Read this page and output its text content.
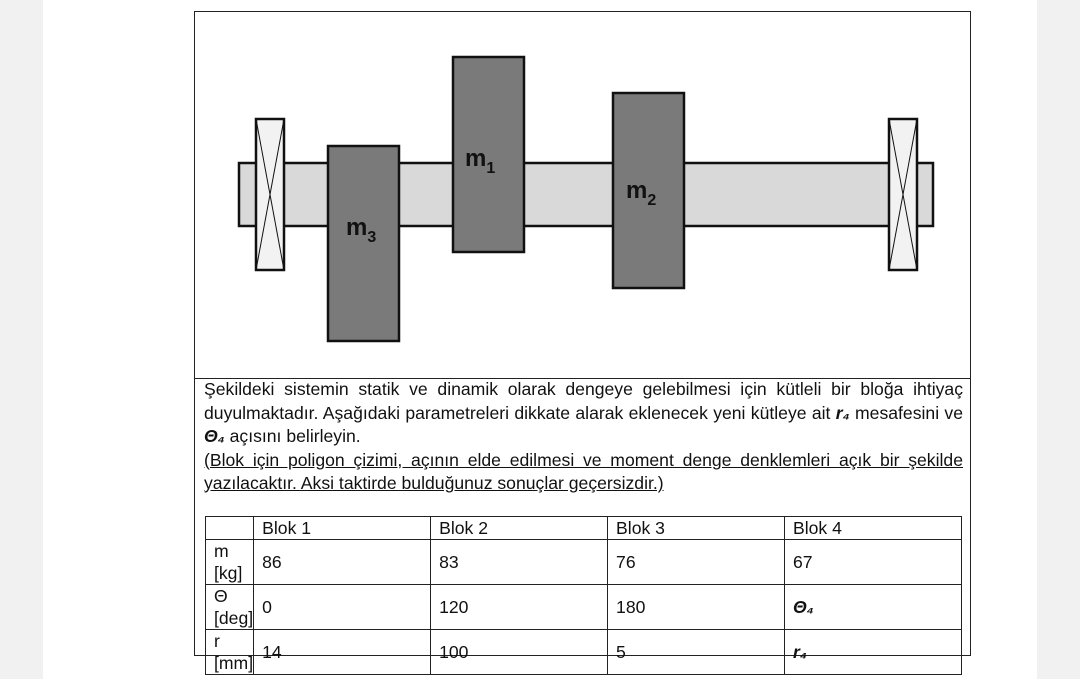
$m_1$
$m_2$
$m_3$

Şekildeki sistemin statik ve dinamik olarak dengeye gelebilmesi için kütleli bir bloğa ihtiyaç duyulmaktadır. Aşağıdaki parametreleri dikkate alarak eklenecek yeni kütleye ait r₄ mesafesini ve Θ₄ açısını belirleyin.

(Blok için poligon çizimi, açının elde edilmesi ve moment denge denklemleri açık bir şekilde yazılacaktır. Aksi taktirde bulduğunuz sonuçlar geçersizdir.)

	Blok 1	Blok 2	Blok 3	Blok 4
m [kg]	86	83	76	67
Θ [deg]	0	120	180	Θ₄
r [mm]	14	100	5	r₄
